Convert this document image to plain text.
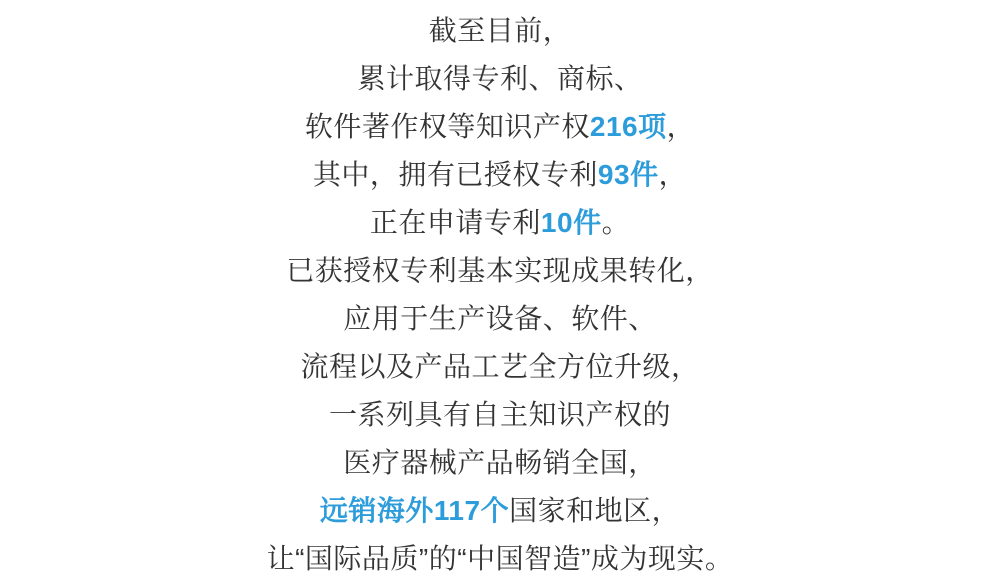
截至目前，

累计取得专利、商标、

软件著作权等知识产权216项，

其中，拥有已授权专利93件，

正在申请专利10件。

已获授权专利基本实现成果转化，

应用于生产设备、软件、

流程以及产品工艺全方位升级，

一系列具有自主知识产权的

医疗器械产品畅销全国，

远销海外117个国家和地区，

让“国际品质”的“中国智造”成为现实。
